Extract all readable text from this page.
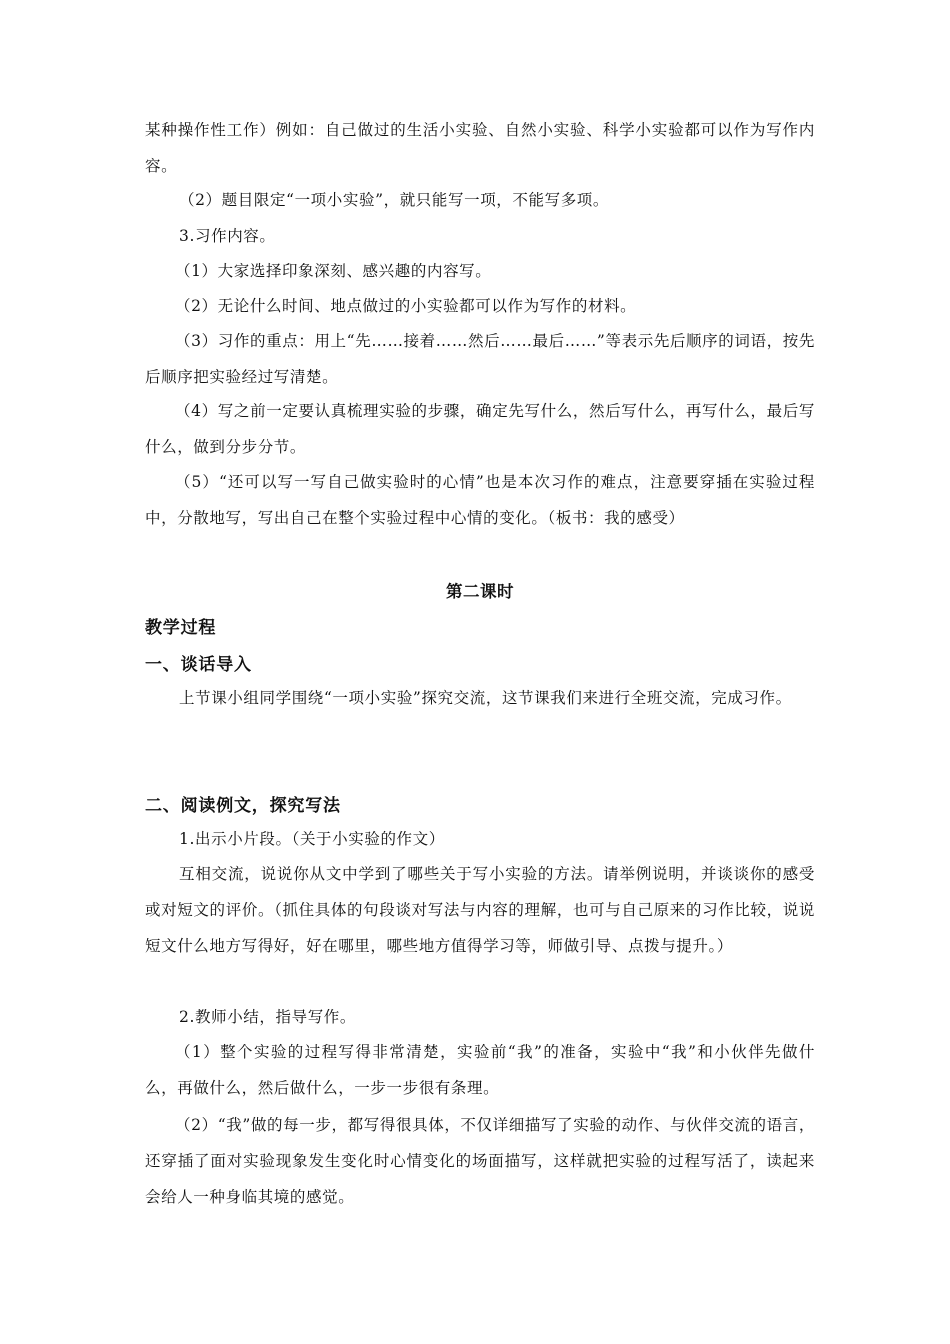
某种操作性工作）例如：自己做过的生活小实验、自然小实验、科学小实验都可以作为写作内容。

（2）题目限定“一项小实验”，就只能写一项，不能写多项。

3.习作内容。

（1）大家选择印象深刻、感兴趣的内容写。

（2）无论什么时间、地点做过的小实验都可以作为写作的材料。

（3）习作的重点：用上“先……接着……然后……最后……”等表示先后顺序的词语，按先后顺序把实验经过写清楚。

（4）写之前一定要认真梳理实验的步骤，确定先写什么，然后写什么，再写什么，最后写什么，做到分步分节。

（5）“还可以写一写自己做实验时的心情”也是本次习作的难点，注意要穿插在实验过程中，分散地写，写出自己在整个实验过程中心情的变化。（板书：我的感受）

第二课时
教学过程
一、谈话导入

上节课小组同学围绕“一项小实验”探究交流，这节课我们来进行全班交流，完成习作。

二、阅读例文，探究写法

1.出示小片段。（关于小实验的作文）

互相交流，说说你从文中学到了哪些关于写小实验的方法。请举例说明，并谈谈你的感受或对短文的评价。（抓住具体的句段谈对写法与内容的理解，也可与自己原来的习作比较，说说短文什么地方写得好，好在哪里，哪些地方值得学习等，师做引导、点拨与提升。）

2.教师小结，指导写作。

（1）整个实验的过程写得非常清楚，实验前“我”的准备，实验中“我”和小伙伴先做什么，再做什么，然后做什么，一步一步很有条理。

（2）“我”做的每一步，都写得很具体，不仅详细描写了实验的动作、与伙伴交流的语言，还穿插了面对实验现象发生变化时心情变化的场面描写，这样就把实验的过程写活了，读起来会给人一种身临其境的感觉。
